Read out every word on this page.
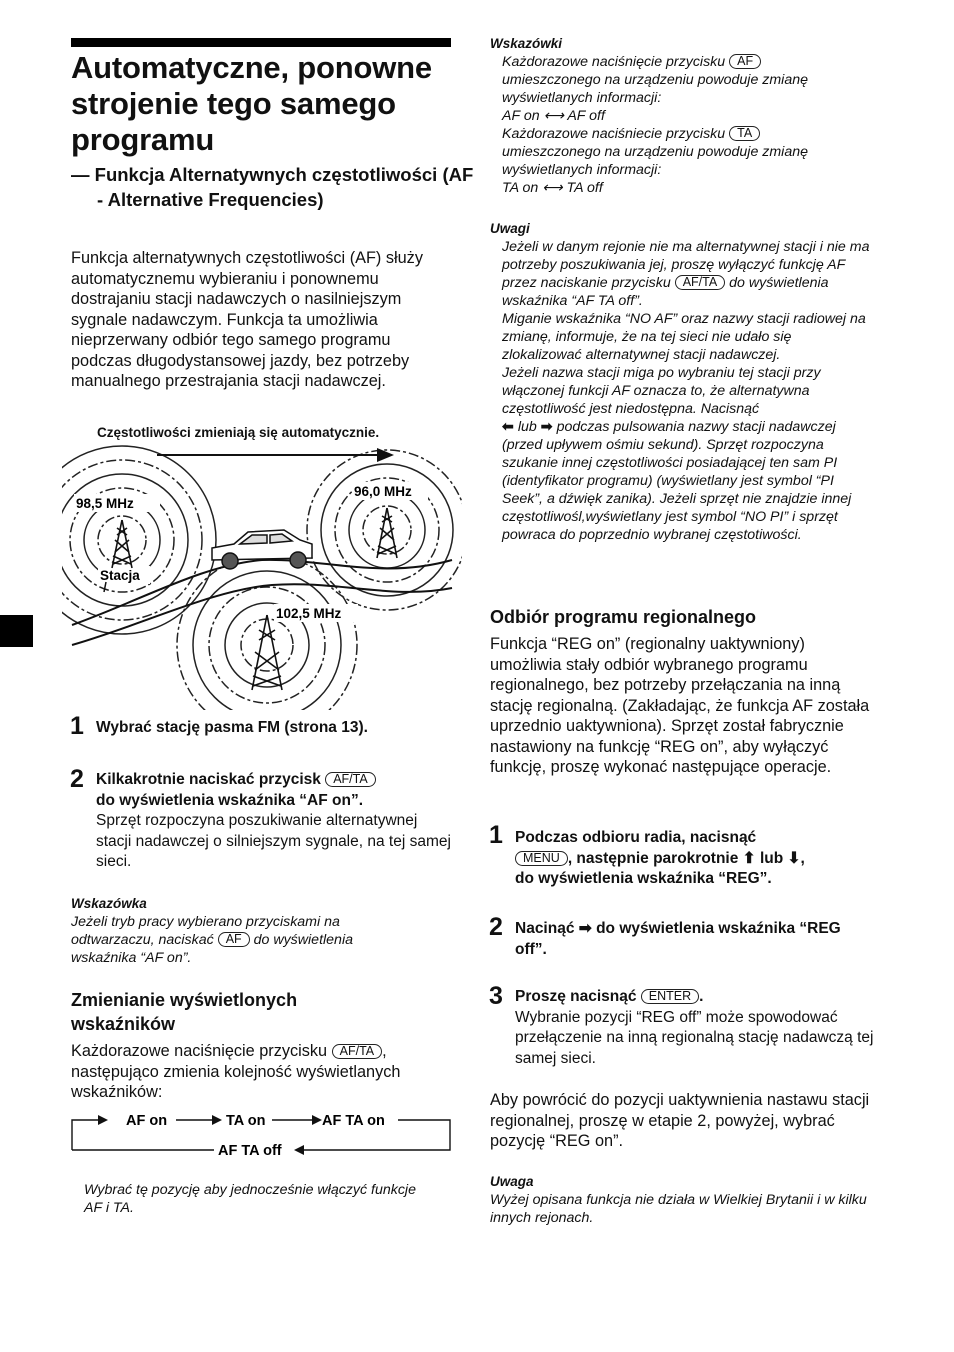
Automatyczne, ponowne
strojenie tego samego
programu
— Funkcja Alternatywnych częstotliwości (AF - Alternative Frequencies)
Funkcja alternatywnych częstotliwości (AF) służy automatycznemu wybieraniu i ponownemu dostrajaniu stacji nadawczych o nasilniejszym sygnale nadawczym. Funkcja ta umożliwia nieprzerwany odbiór tego samego programu podczas długodystansowej jazdy, bez potrzeby manualnego przestrajania stacji nadawczej.
Częstotliwości zmieniają się automatycznie.
98,5 MHz
96,0 MHz
102,5 MHz
Stacja
1 Wybrać stację pasma FM (strona 13).
2 Kilkakrotnie naciskać przycisk AF/TA
do wyświetlenia wskaźnika “AF on”.
Sprzęt rozpoczyna poszukiwanie alternatywnej stacji nadawczej o silniejszym sygnale, na tej samej sieci.
Wskazówka
Jeżeli tryb pracy wybierano przyciskami na odtwarzaczu, naciskać AF do wyświetlenia wskaźnika “AF on”.
Zmienianie wyświetlonych wskaźników
Każdorazowe naciśnięcie przycisku AF/TA , następująco zmienia kolejność wyświetlanych wskaźników:
AF on	TA on	AF TA on
AF TA off
Wybrać tę pozycję aby jednocześnie włączyć funkcje AF i TA.
Wskazówki
Każdorazowe naciśnięcie przycisku AF umieszczonego na urządzeniu powoduje zmianę wyświetlanych informacji:
AF on ⟷ AF off
Każdorazowe naciśniecie przycisku TA umieszczonego na urządzeniu powoduje zmianę wyświetlanych informacji:
TA on ⟷ TA off
Uwagi
Jeżeli w danym rejonie nie ma alternatywnej stacji i nie ma potrzeby poszukiwania jej, proszę wyłączyć funkcję AF przez naciskanie przycisku AF/TA do wyświetlenia wskaźnika “AF TA off”.
Miganie wskaźnika “NO AF” oraz nazwy stacji radiowej na zmianę, informuje, że na tej sieci nie udało się zlokalizować alternatywnej stacji nadawczej.
Jeżeli nazwa stacji miga po wybraniu tej stacji przy włączonej funkcji AF oznacza to, że alternatywna częstotliwość jest niedostępna. Nacisnąć
⬅ lub ➡ podczas pulsowania nazwy stacji nadawczej (przed upływem ośmiu sekund). Sprzęt rozpoczyna szukanie innej częstotliwości posiadającej ten sam PI (identyfikator programu) (wyświetlany jest symbol “PI Seek”, a dźwięk zanika). Jeżeli sprzęt nie znajdzie innej częstotliwośl,wyświetlany jest symbol “NO PI” i sprzęt powraca do poprzednio wybranej częstotiwości.
Odbiór programu regionalnego
Funkcja “REG on” (regionalny uaktywniony) umożliwia stały odbiór wybranego programu regionalnego, bez potrzeby przełączania na inną stację regionalną. (Zakładając, że funkcja AF została uprzednio uaktywniona). Sprzęt został fabrycznie nastawiony na funkcję “REG on”, aby wyłączyć funkcję, proszę wykonać następujące operacje.
1 Podczas odbioru radia, nacisnąć
MENU , następnie parokrotnie ⬆ lub ⬇,
do wyświetlenia wskaźnika “REG”.
2 Nacinąć ➡ do wyświetlenia wskaźnika “REG off”.
3 Proszę nacisnąć ENTER .
Wybranie pozycji “REG off” może spowodować przełączenie na inną regionalną stację nadawczą tej samej sieci.
Aby powrócić do pozycji uaktywnienia nastawu stacji regionalnej, proszę w etapie 2, powyżej, wybrać pozycję “REG on”.
Uwaga
Wyżej opisana funkcja nie działa w Wielkiej Brytanii i w kilku innych rejonach.
